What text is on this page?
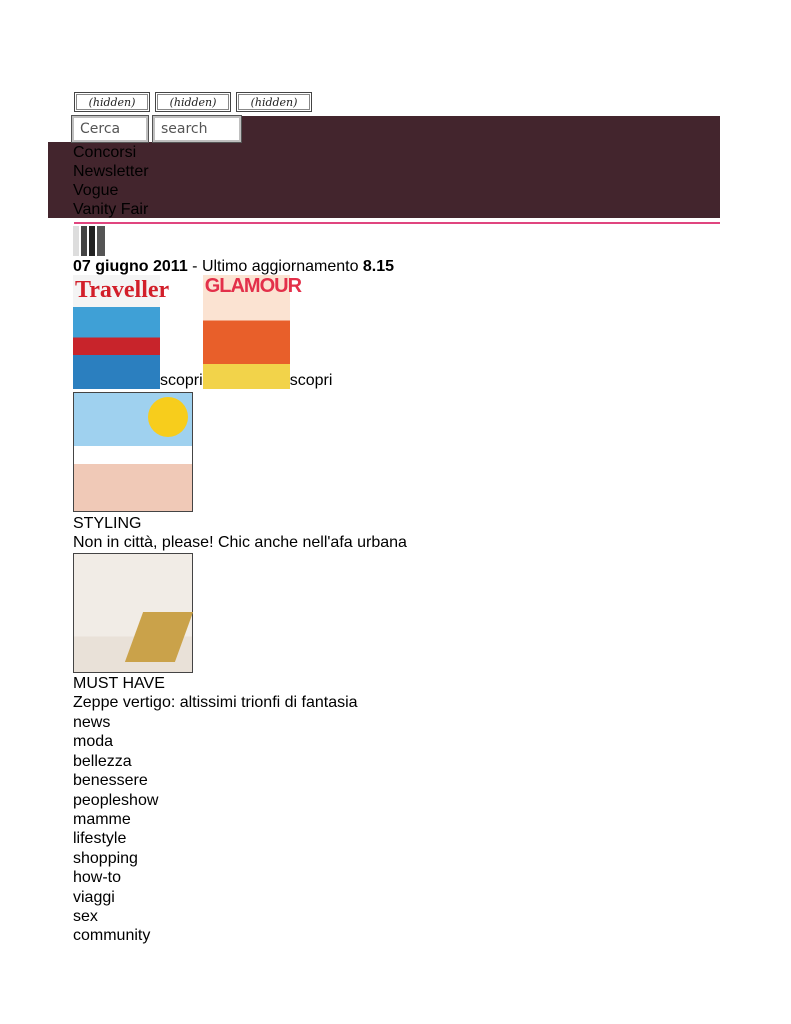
(hidden)	(hidden)	(hidden)
Cerca	search
Concorsi
Newsletter
Vogue
Vanity Fair
07 giugno 2011 - Ultimo aggiornamento 8.15
Traveller
scopri
GLAMOUR
scopri
STYLING
Non in città, please! Chic anche nell'afa urbana
MUST HAVE
Zeppe vertigo: altissimi trionfi di fantasia
news
moda
bellezza
benessere
peopleshow
mamme
lifestyle
shopping
how-to
viaggi
sex
community
